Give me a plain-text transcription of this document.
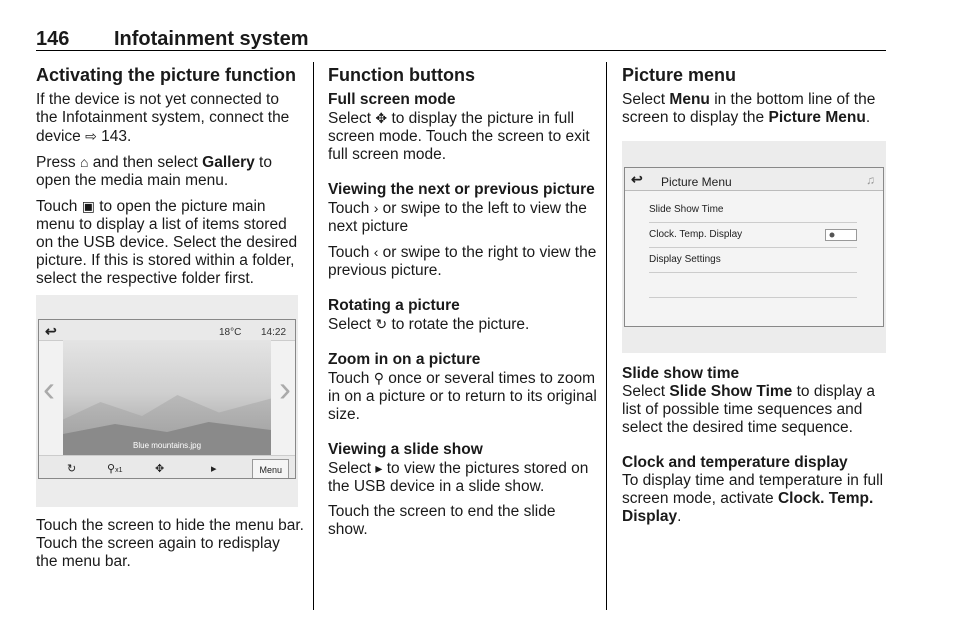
146 Infotainment system
Activating the picture function

If the device is not yet connected to the Infotainment system, connect the device ⇨ 143.

Press ⌂ and then select Gallery to open the media main menu.

Touch ▣ to open the picture main menu to display a list of items stored on the USB device. Select the desired picture. If this is stored within a folder, select the respective folder first.

↩	18°C 14:22
Blue mountains.jpg
‹	›
↻	⚲x1	✥	▸	Menu

Touch the screen to hide the menu bar. Touch the screen again to redisplay the menu bar.

Function buttons
Full screen mode

Select ✥ to display the picture in full screen mode. Touch the screen to exit full screen mode.

Viewing the next or previous picture

Touch › or swipe to the left to view the next picture

Touch ‹ or swipe to the right to view the previous picture.

Rotating a picture

Select ↻ to rotate the picture.

Zoom in on a picture

Touch ⚲ once or several times to zoom in on a picture or to return to its original size.

Viewing a slide show

Select ▸ to view the pictures stored on the USB device in a slide show.

Touch the screen to end the slide show.

Picture menu

Select Menu in the bottom line of the screen to display the Picture Menu.

↩ Picture Menu	♫
Slide Show Time
Clock. Temp. Display
Display Settings
Slide show time

Select Slide Show Time to display a list of possible time sequences and select the desired time sequence.

Clock and temperature display

To display time and temperature in full screen mode, activate Clock. Temp. Display.
